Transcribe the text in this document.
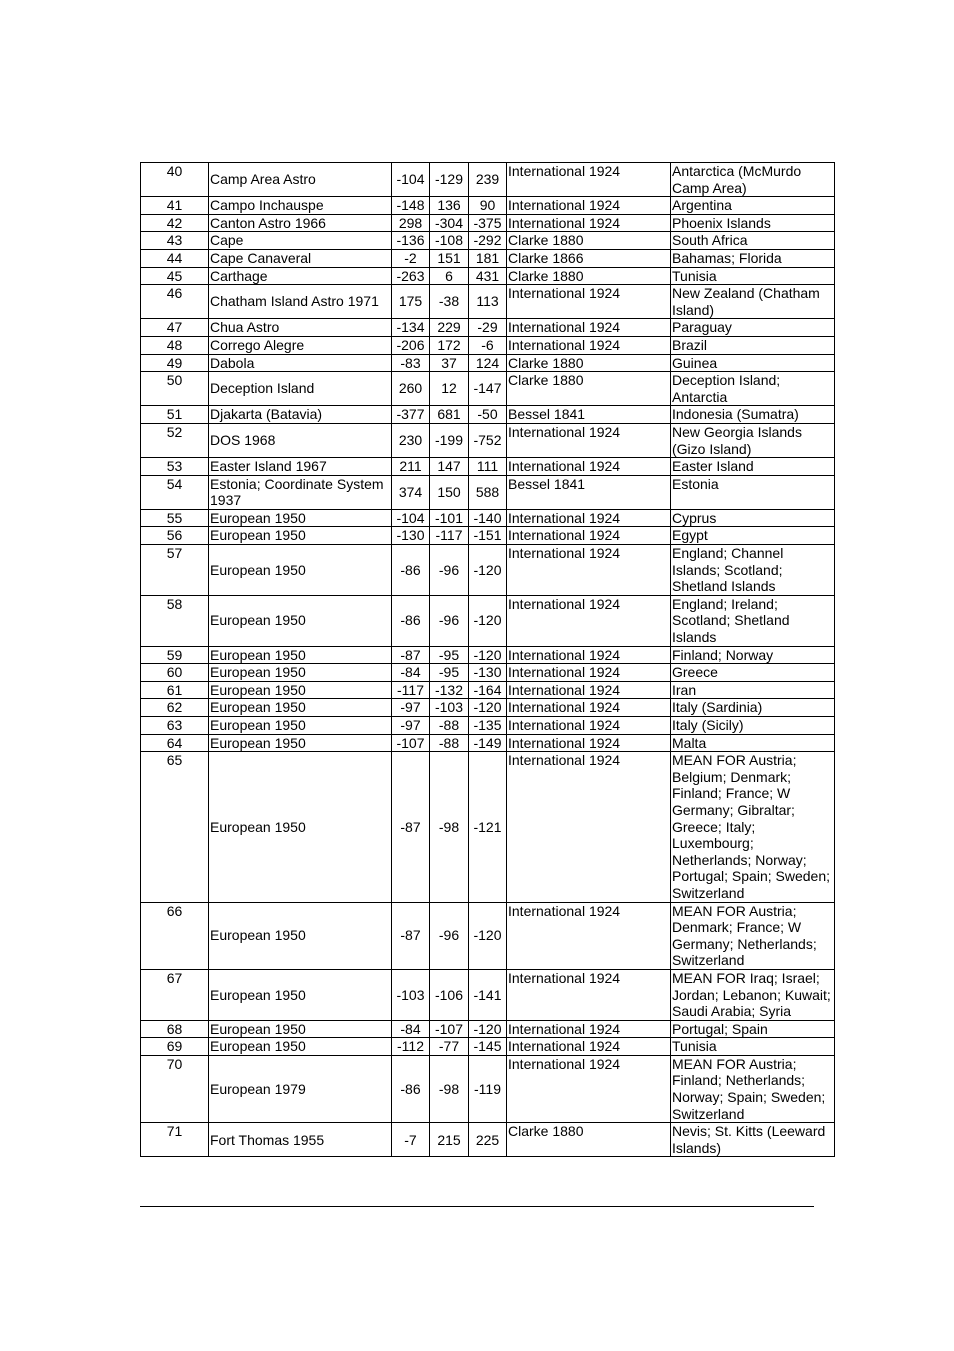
40	Camp Area Astro	-104	-129	239	International 1924	Antarctica (McMurdo Camp Area)
41	Campo Inchauspe	-148	136	90	International 1924	Argentina
42	Canton Astro 1966	298	-304	-375	International 1924	Phoenix Islands
43	Cape	-136	-108	-292	Clarke 1880	South Africa
44	Cape Canaveral	-2	151	181	Clarke 1866	Bahamas; Florida
45	Carthage	-263	6	431	Clarke 1880	Tunisia
46	Chatham Island Astro 1971	175	-38	113	International 1924	New Zealand (Chatham Island)
47	Chua Astro	-134	229	-29	International 1924	Paraguay
48	Corrego Alegre	-206	172	-6	International 1924	Brazil
49	Dabola	-83	37	124	Clarke 1880	Guinea
50	Deception Island	260	12	-147	Clarke 1880	Deception Island; Antarctia
51	Djakarta (Batavia)	-377	681	-50	Bessel 1841	Indonesia (Sumatra)
52	DOS 1968	230	-199	-752	International 1924	New Georgia Islands (Gizo Island)
53	Easter Island 1967	211	147	111	International 1924	Easter Island
54	Estonia; Coordinate System 1937	374	150	588	Bessel 1841	Estonia
55	European 1950	-104	-101	-140	International 1924	Cyprus
56	European 1950	-130	-117	-151	International 1924	Egypt
57	European 1950	-86	-96	-120	International 1924	England; Channel Islands; Scotland; Shetland Islands
58	European 1950	-86	-96	-120	International 1924	England; Ireland; Scotland; Shetland Islands
59	European 1950	-87	-95	-120	International 1924	Finland; Norway
60	European 1950	-84	-95	-130	International 1924	Greece
61	European 1950	-117	-132	-164	International 1924	Iran
62	European 1950	-97	-103	-120	International 1924	Italy (Sardinia)
63	European 1950	-97	-88	-135	International 1924	Italy (Sicily)
64	European 1950	-107	-88	-149	International 1924	Malta
65	European 1950	-87	-98	-121	International 1924	MEAN FOR Austria; Belgium; Denmark; Finland; France; W Germany; Gibraltar; Greece; Italy; Luxembourg; Netherlands; Norway; Portugal; Spain; Sweden; Switzerland
66	European 1950	-87	-96	-120	International 1924	MEAN FOR Austria; Denmark; France; W Germany; Netherlands; Switzerland
67	European 1950	-103	-106	-141	International 1924	MEAN FOR Iraq; Israel; Jordan; Lebanon; Kuwait; Saudi Arabia; Syria
68	European 1950	-84	-107	-120	International 1924	Portugal; Spain
69	European 1950	-112	-77	-145	International 1924	Tunisia
70	European 1979	-86	-98	-119	International 1924	MEAN FOR Austria; Finland; Netherlands; Norway; Spain; Sweden; Switzerland
71	Fort Thomas 1955	-7	215	225	Clarke 1880	Nevis; St. Kitts (Leeward Islands)
